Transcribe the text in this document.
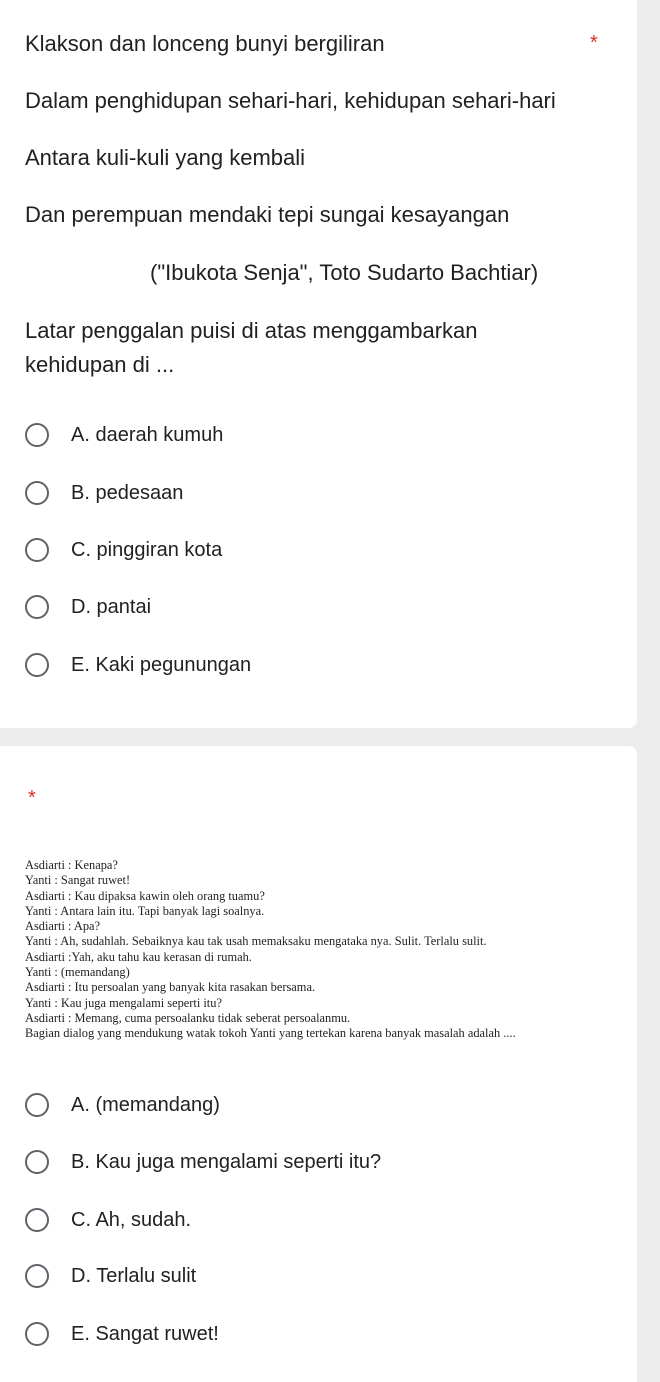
Klakson dan lonceng bunyi bergiliran	*
Dalam penghidupan sehari-hari, kehidupan sehari-hari
Antara kuli-kuli yang kembali
Dan perempuan mendaki tepi sungai kesayangan
("Ibukota Senja", Toto Sudarto Bachtiar)
Latar penggalan puisi di atas menggambarkan
kehidupan di ...
A. daerah kumuh
B. pedesaan
C. pinggiran kota
D. pantai
E. Kaki pegunungan
*
Asdiarti : Kenapa?
Yanti : Sangat ruwet!
Asdiarti : Kau dipaksa kawin oleh orang tuamu?
Yanti : Antara lain itu. Tapi banyak lagi soalnya.
Asdiarti : Apa?
Yanti : Ah, sudahlah. Sebaiknya kau tak usah memaksaku mengataka nya. Sulit. Terlalu sulit.
Asdiarti :Yah, aku tahu kau kerasan di rumah.
Yanti : (memandang)
Asdiarti : Itu persoalan yang banyak kita rasakan bersama.
Yanti : Kau juga mengalami seperti itu?
Asdiarti : Memang, cuma persoalanku tidak seberat persoalanmu.
Bagian dialog yang mendukung watak tokoh Yanti yang tertekan karena banyak masalah adalah ....
A. (memandang)
B. Kau juga mengalami seperti itu?
C. Ah, sudah.
D. Terlalu sulit
E. Sangat ruwet!
